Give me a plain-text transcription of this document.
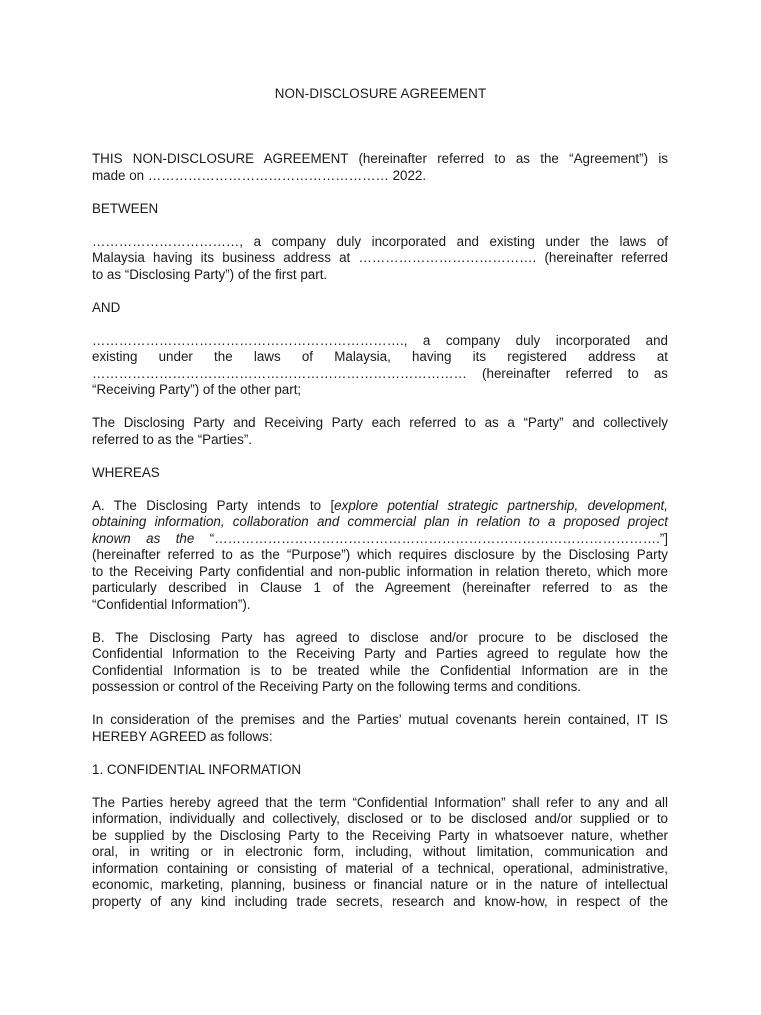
NON-DISCLOSURE AGREEMENT
THIS NON-DISCLOSURE AGREEMENT (hereinafter referred to as the “Agreement”) is
made on ……………………………………………… 2022.
BETWEEN
……………………………, a company duly incorporated and existing under the laws of
Malaysia having its business address at …………………………………. (hereinafter referred
to as “Disclosing Party”) of the first part.
AND
……………………………………………………………., a company duly incorporated and
existing under the laws of Malaysia, having its registered address at
………………………………………………………………………… (hereinafter referred to as
“Receiving Party”) of the other part;
The Disclosing Party and Receiving Party each referred to as a “Party” and collectively
referred to as the “Parties”.
WHEREAS
A. The Disclosing Party intends to [explore potential strategic partnership, development,
obtaining information, collaboration and commercial plan in relation to a proposed project
known as the “……………………………………………………………………………………….”]
(hereinafter referred to as the “Purpose”) which requires disclosure by the Disclosing Party
to the Receiving Party confidential and non-public information in relation thereto, which more
particularly described in Clause 1 of the Agreement (hereinafter referred to as the
“Confidential Information”).
B. The Disclosing Party has agreed to disclose and/or procure to be disclosed the
Confidential Information to the Receiving Party and Parties agreed to regulate how the
Confidential Information is to be treated while the Confidential Information are in the
possession or control of the Receiving Party on the following terms and conditions.
In consideration of the premises and the Parties’ mutual covenants herein contained, IT IS
HEREBY AGREED as follows:
1. CONFIDENTIAL INFORMATION
The Parties hereby agreed that the term “Confidential Information” shall refer to any and all
information, individually and collectively, disclosed or to be disclosed and/or supplied or to
be supplied by the Disclosing Party to the Receiving Party in whatsoever nature, whether
oral, in writing or in electronic form, including, without limitation, communication and
information containing or consisting of material of a technical, operational, administrative,
economic, marketing, planning, business or financial nature or in the nature of intellectual
property of any kind including trade secrets, research and know-how, in respect of the
